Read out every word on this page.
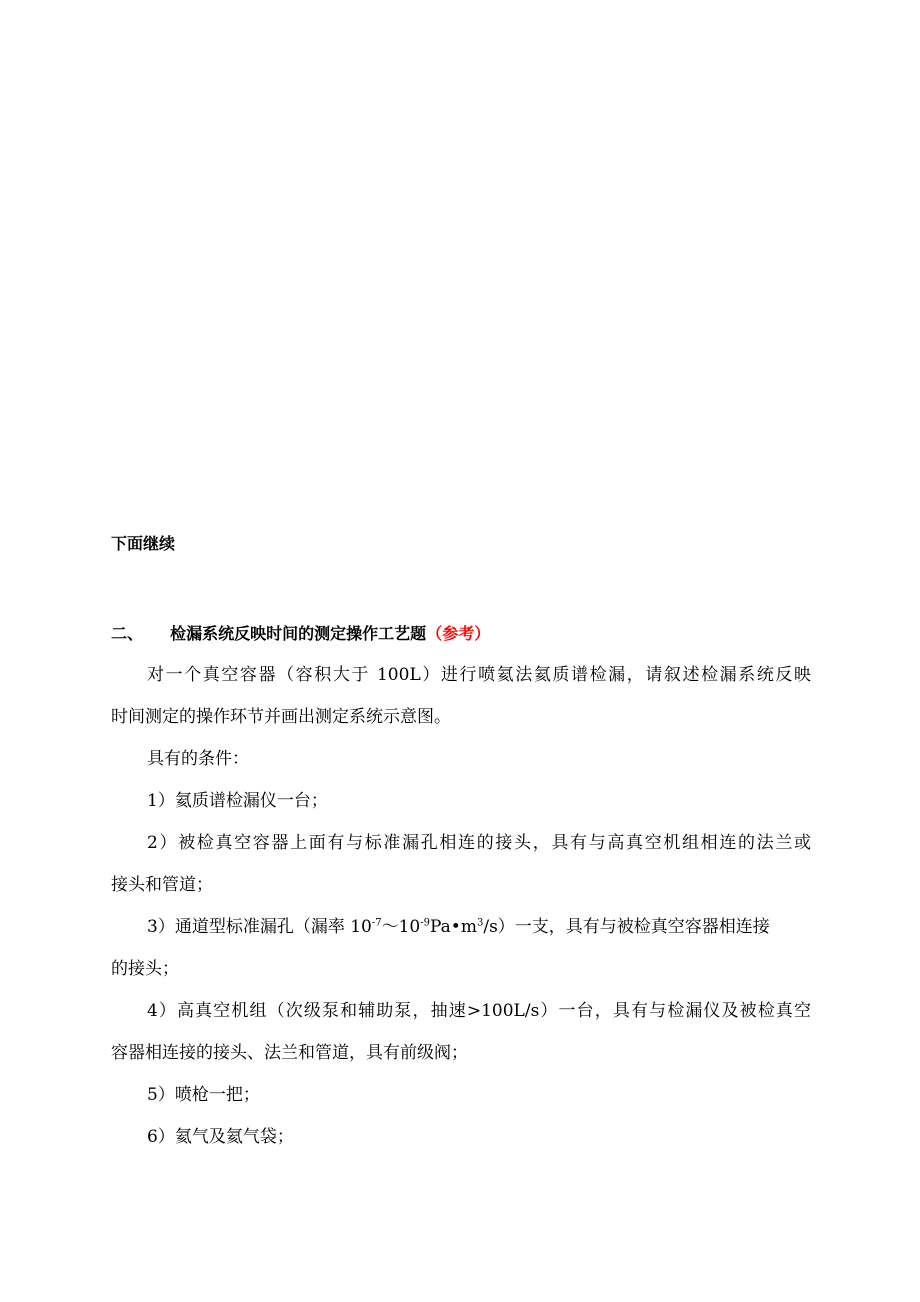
下面继续
二、 检漏系统反映时间的测定操作工艺题（参考）
对一个真空容器（容积大于 100L）进行喷氦法氦质谱检漏，请叙述检漏系统反映
时间测定的操作环节并画出测定系统示意图。
具有的条件：
1）氦质谱检漏仪一台；
2）被检真空容器上面有与标准漏孔相连的接头，具有与高真空机组相连的法兰或
接头和管道；
3）通道型标准漏孔（漏率 $10^{-7}\sim 10^{-9}Pa•m^3/s$）一支，具有与被检真空容器相连接
的接头；
4）高真空机组（次级泵和辅助泵，抽速>100L/s）一台，具有与检漏仪及被检真空
容器相连接的接头、法兰和管道，具有前级阀；
5）喷枪一把；
6）氦气及氦气袋；
